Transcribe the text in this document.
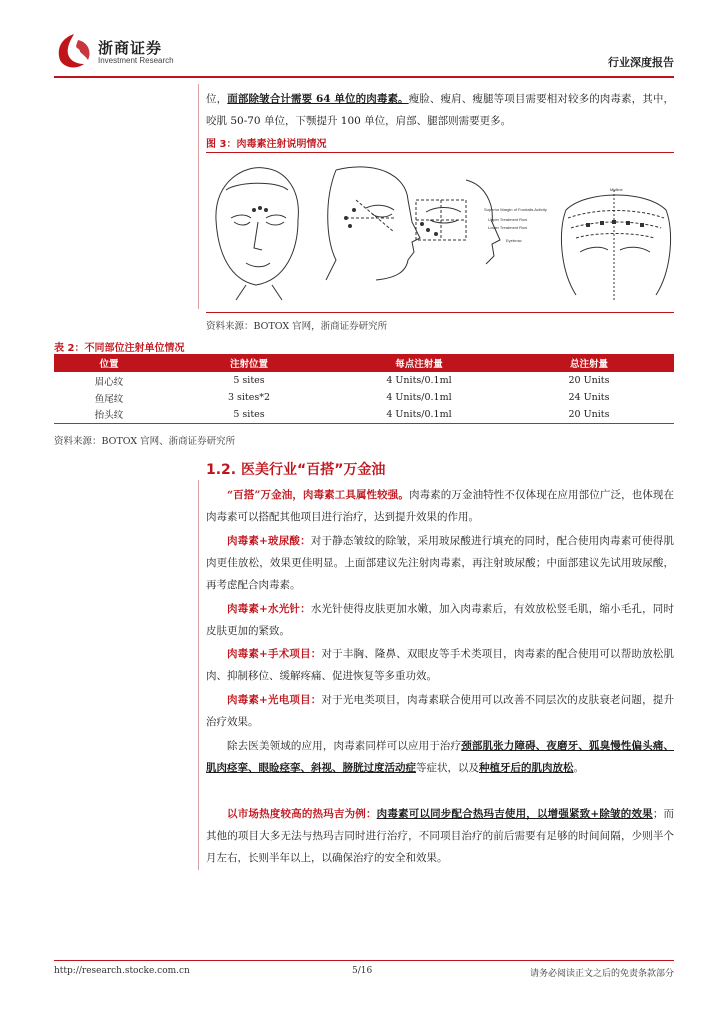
浙商证券
Investment Research	行业深度报告
位，面部除皱合计需要 64 单位的肉毒素。瘦脸、瘦肩、瘦腿等项目需要相对较多的肉毒素，其中，咬肌 50-70 单位，下颚提升 100 单位，肩部、腿部则需要更多。
图 3：肉毒素注射说明情况
Midline
Superior Margin of Frontalis Activity
Upper Treatment Row
Lower Treatment Row
Eyebrow
资料来源：BOTOX 官网，浙商证券研究所
表 2：不同部位注射单位情况
位置	注射位置	每点注射量	总注射量
眉心纹	5 sites	4 Units/0.1ml	20 Units
鱼尾纹	3 sites*2	4 Units/0.1ml	24 Units
抬头纹	5 sites	4 Units/0.1ml	20 Units
资料来源：BOTOX 官网、浙商证券研究所
1.2. 医美行业“百搭”万金油
“百搭”万金油，肉毒素工具属性较强。肉毒素的万金油特性不仅体现在应用部位广泛，也体现在肉毒素可以搭配其他项目进行治疗，达到提升效果的作用。
肉毒素+玻尿酸：对于静态皱纹的除皱，采用玻尿酸进行填充的同时，配合使用肉毒素可使得肌肉更佳放松，效果更佳明显。上面部建议先注射肉毒素，再注射玻尿酸；中面部建议先试用玻尿酸，再考虑配合肉毒素。
肉毒素+水光针：水光针使得皮肤更加水嫩，加入肉毒素后，有效放松竖毛肌，缩小毛孔，同时皮肤更加的紧致。
肉毒素+手术项目：对于丰胸、隆鼻、双眼皮等手术类项目，肉毒素的配合使用可以帮助放松肌肉、抑制移位、缓解疼痛、促进恢复等多重功效。
肉毒素+光电项目：对于光电类项目，肉毒素联合使用可以改善不同层次的皮肤衰老问题，提升治疗效果。
除去医美领域的应用，肉毒素同样可以应用于治疗颈部肌张力障碍、夜磨牙、狐臭慢性偏头痛、肌肉痉挛、眼睑痉挛、斜视、膀胱过度活动症等症状，以及种植牙后的肌肉放松。
以市场热度较高的热玛吉为例：肉毒素可以同步配合热玛吉使用，以增强紧致+除皱的效果；而其他的项目大多无法与热玛吉同时进行治疗，不同项目治疗的前后需要有足够的时间间隔，少则半个月左右，长则半年以上，以确保治疗的安全和效果。
http://research.stocke.com.cn	5/16	请务必阅读正文之后的免责条款部分
